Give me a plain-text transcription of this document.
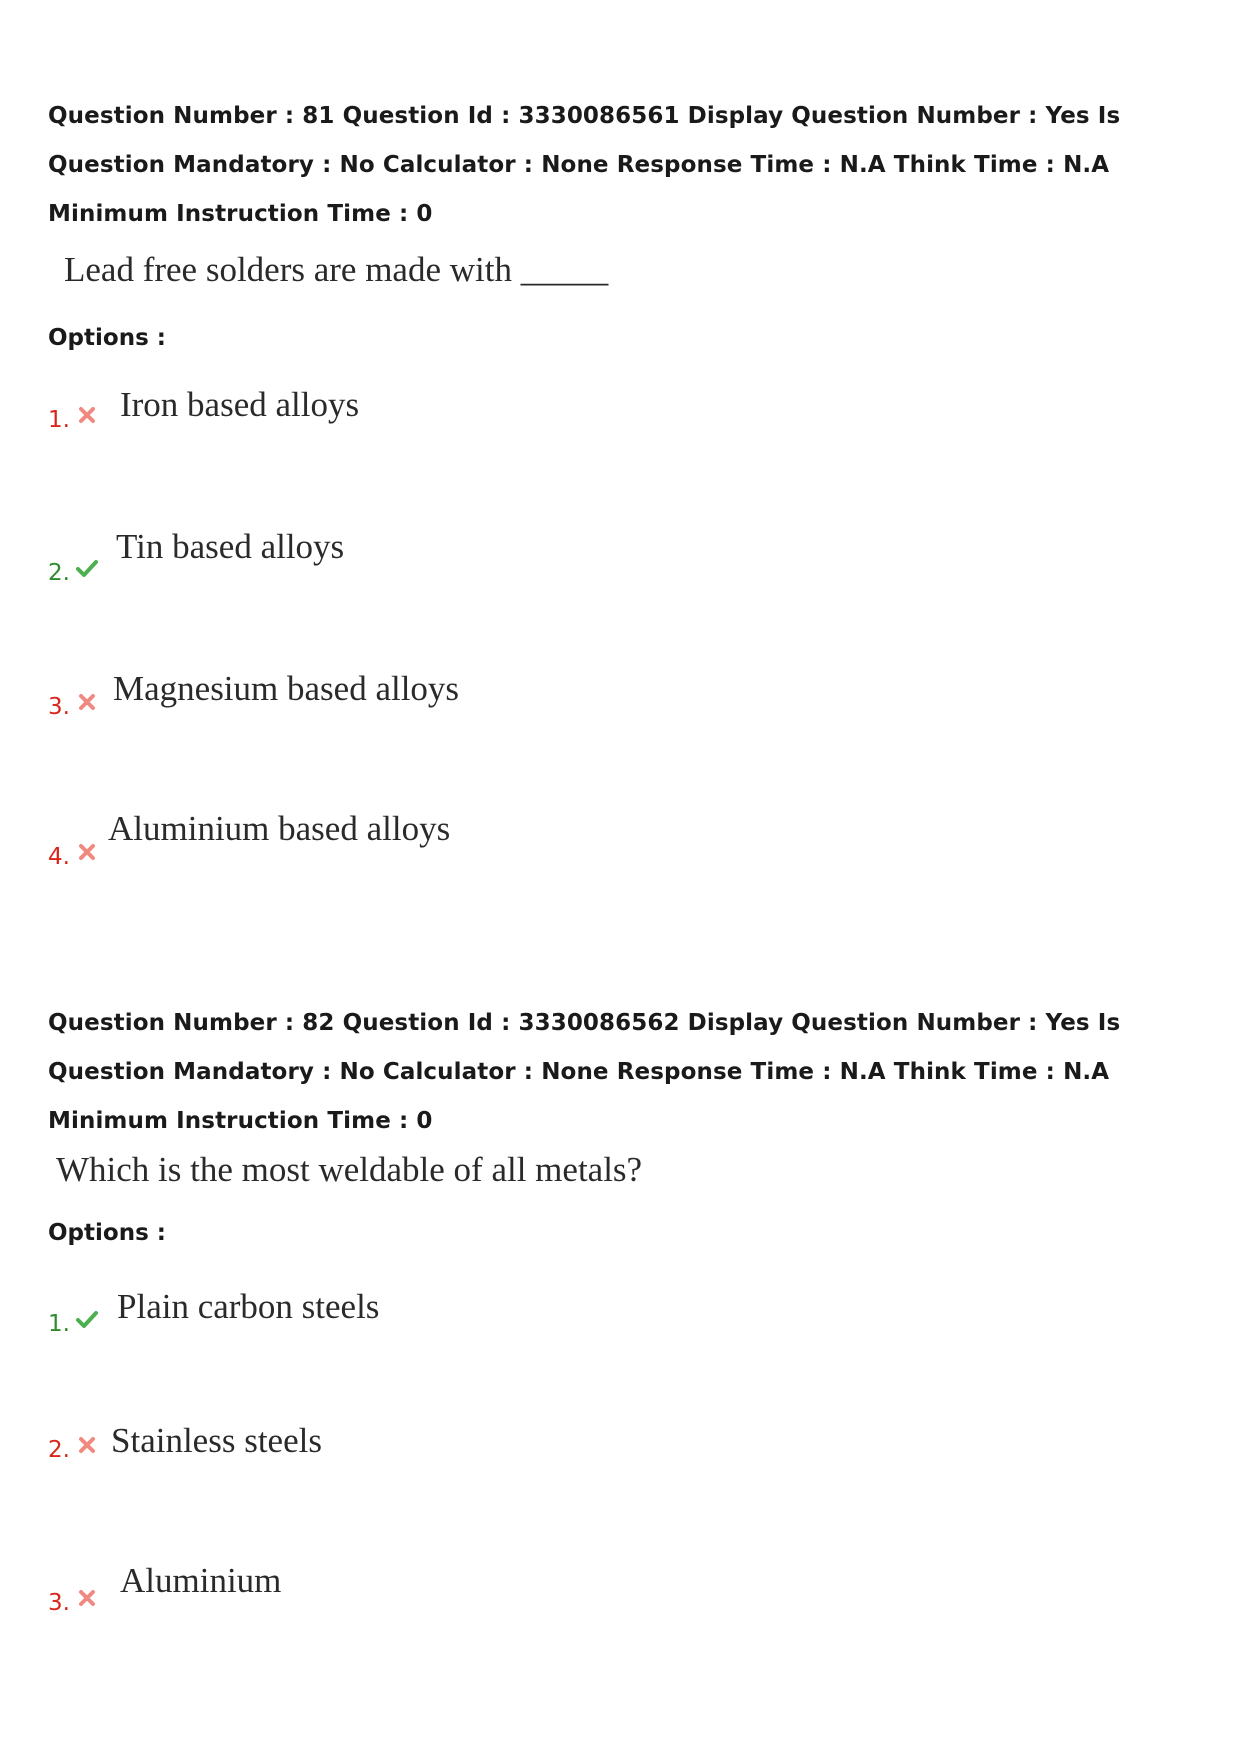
Question Number : 81 Question Id : 3330086561 Display Question Number : Yes Is Question Mandatory : No Calculator : None Response Time : N.A Think Time : N.A Minimum Instruction Time : 0
Lead free solders are made with _____
Options :
1. Iron based alloys
2.
Tin based alloys
3. Magnesium based alloys
4.
Aluminium based alloys
Question Number : 82 Question Id : 3330086562 Display Question Number : Yes Is Question Mandatory : No Calculator : None Response Time : N.A Think Time : N.A Minimum Instruction Time : 0
Which is the most weldable of all metals?
Options :
1. Plain carbon steels
2. Stainless steels
3.
Aluminium
